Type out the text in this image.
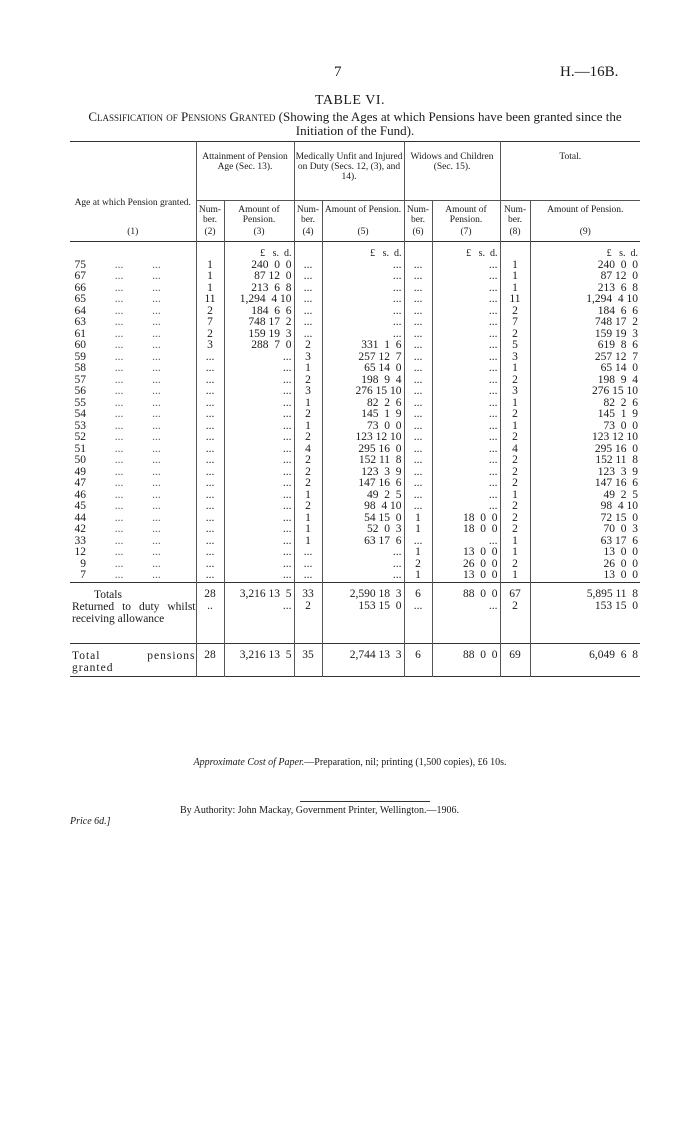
7	H.—16B.
TABLE VI.
Classification of Pensions Granted (Showing the Ages at which Pensions have been granted since the Initiation of the Fund).
Age at which Pension granted.	Attainment of Pension Age (Sec. 13).		Medically Unfit and Injured on Duty (Secs. 12, (3), and 14).		Widows and Children (Sec. 15).		Total.	
	Num-ber.	Amount of Pension.	Num-ber.	Amount of Pension.	Num-ber.	Amount of Pension.	Num-ber.	Amount of Pension.
(1)	(2)	(3)	(4)	(5)	(6)	(7)	(8)	(9)
		£   s.  d.		£   s.  d.		£   s.  d.		£   s.  d.
75          ...          ...	1	240  0  0	...	...	...	...	1	240  0  0
67          ...          ...	1	87 12  0	...	...	...	...	1	87 12  0
66          ...          ...	1	213  6  8	...	...	...	...	1	213  6  8
65          ...          ...	11	1,294  4 10	...	...	...	...	11	1,294  4 10
64          ...          ...	2	184  6  6	...	...	...	...	2	184  6  6
63          ...          ...	7	748 17  2	...	...	...	...	7	748 17  2
61          ...          ...	2	159 19  3	...	...	...	...	2	159 19  3
60          ...          ...	3	288  7  0	2	331  1  6	...	...	5	619  8  6
59          ...          ...	...	...	3	257 12  7	...	...	3	257 12  7
58          ...          ...	...	...	1	65 14  0	...	...	1	65 14  0
57          ...          ...	...	...	2	198  9  4	...	...	2	198  9  4
56          ...          ...	...	...	3	276 15 10	...	...	3	276 15 10
55          ...          ...	...	...	1	82  2  6	...	...	1	82  2  6
54          ...          ...	...	...	2	145  1  9	...	...	2	145  1  9
53          ...          ...	...	...	1	73  0  0	...	...	1	73  0  0
52          ...          ...	...	...	2	123 12 10	...	...	2	123 12 10
51          ...          ...	...	...	4	295 16  0	...	...	4	295 16  0
50          ...          ...	...	...	2	152 11  8	...	...	2	152 11  8
49          ...          ...	...	...	2	123  3  9	...	...	2	123  3  9
47          ...          ...	...	...	2	147 16  6	...	...	2	147 16  6
46          ...          ...	...	...	1	49  2  5	...	...	1	49  2  5
45          ...          ...	...	...	2	98  4 10	...	...	2	98  4 10
44          ...          ...	...	...	1	54 15  0	1	18  0  0	2	72 15  0
42          ...          ...	...	...	1	52  0  3	1	18  0  0	2	70  0  3
33          ...          ...	...	...	1	63 17  6	...	...	1	63 17  6
12          ...          ...	...	...	...	...	1	13  0  0	1	13  0  0
9          ...          ...	...	...	...	...	2	26  0  0	2	26  0  0
7          ...          ...	...	...	...	...	1	13  0  0	1	13  0  0
Totals	28	3,216 13  5	33	2,590 18  3	6	88  0  0	67	5,895 11  8
Returned to duty whilst receiving allowance	..	...	2	153 15  0	...	...	2	153 15  0
Total pensions granted	28	3,216 13  5	35	2,744 13  3	6	88  0  0	69	6,049  6  8

Approximate Cost of Paper.—Preparation, nil; printing (1,500 copies), £6 10s.
By Authority: John Mackay, Government Printer, Wellington.—1906.
Price 6d.]
